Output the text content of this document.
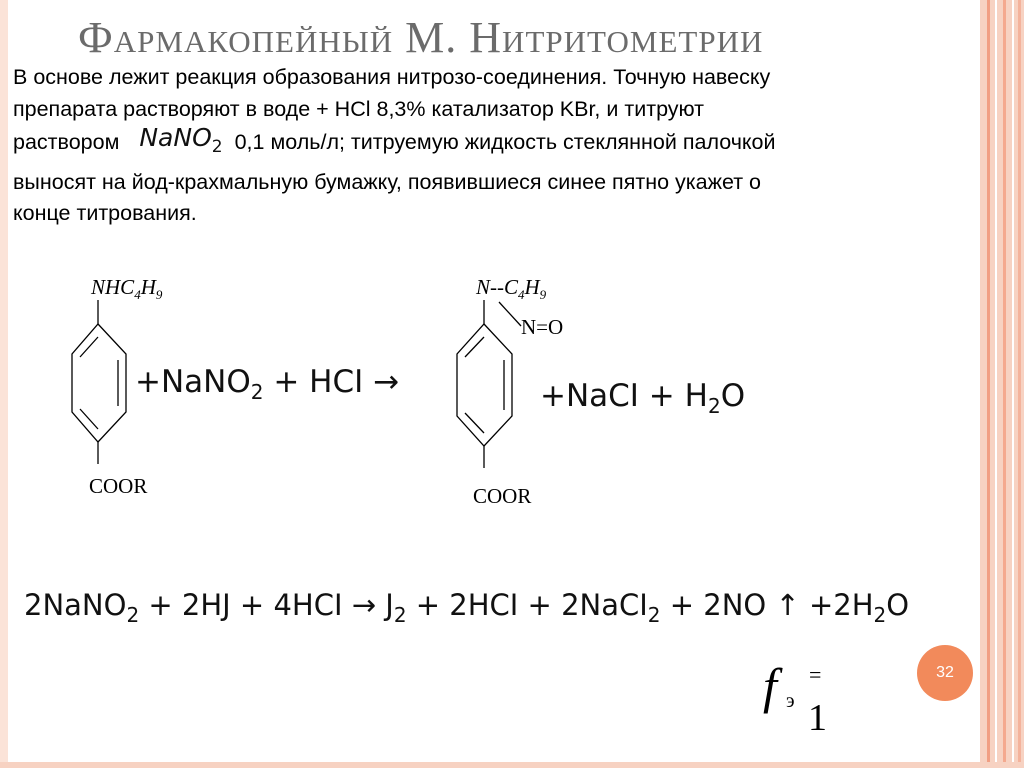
Фармакопейный М. Нитритометрии
В основе лежит реакция образования нитрозо-соединения. Точную навеску
препарата растворяют в воде + HCl 8,3% катализатор KBr, и титруют
раствором NaNO$_2$ 0,1 моль/л; титруемую жидкость стеклянной палочкой
выносят на йод-крахмальную бумажку, появившиеся синее пятно укажет о
конце титрования.
$NHC_4H_9$
COOR
+NaNO$_2$ + HCI →
$N--C_4H_9$
N=O
COOR
+NaCI + $H_2O$
2NaNO$_2$ + $2HJ + 4HCI \to J_2 + 2HCI$ + 2NaCI$_2$ + 2NO ↑ $+2H_2O$
f э
=
1
32
